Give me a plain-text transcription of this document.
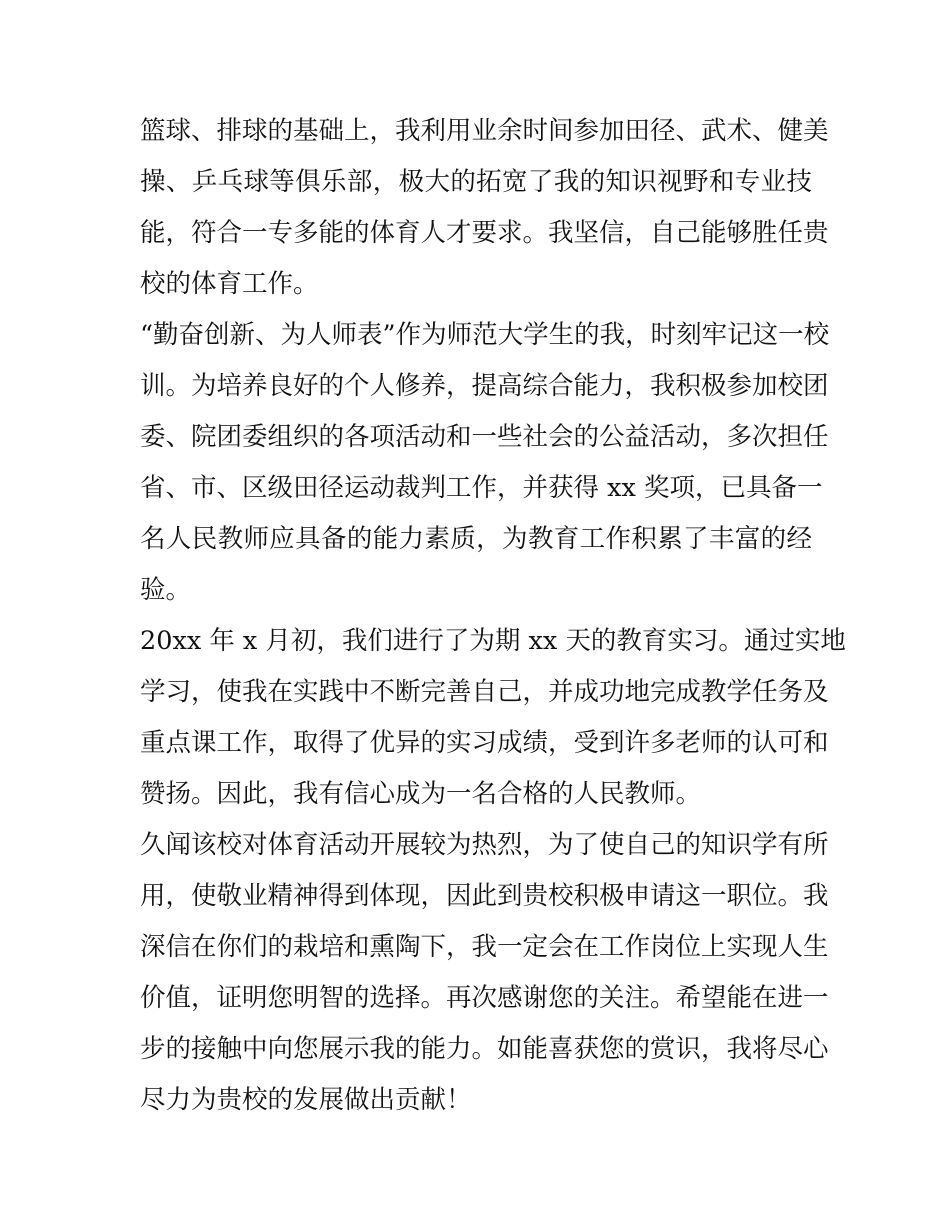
篮球、排球的基础上，我利用业余时间参加田径、武术、健美
操、乒乓球等俱乐部，极大的拓宽了我的知识视野和专业技
能，符合一专多能的体育人才要求。我坚信，自己能够胜任贵
校的体育工作。
“勤奋创新、为人师表”作为师范大学生的我，时刻牢记这一校
训。为培养良好的个人修养，提高综合能力，我积极参加校团
委、院团委组织的各项活动和一些社会的公益活动，多次担任
省、市、区级田径运动裁判工作，并获得 xx 奖项，已具备一
名人民教师应具备的能力素质，为教育工作积累了丰富的经
验。
20xx 年 x 月初，我们进行了为期 xx 天的教育实习。通过实地
学习，使我在实践中不断完善自己，并成功地完成教学任务及
重点课工作，取得了优异的实习成绩，受到许多老师的认可和
赞扬。因此，我有信心成为一名合格的人民教师。
久闻该校对体育活动开展较为热烈，为了使自己的知识学有所
用，使敬业精神得到体现，因此到贵校积极申请这一职位。我
深信在你们的栽培和熏陶下，我一定会在工作岗位上实现人生
价值，证明您明智的选择。再次感谢您的关注。希望能在进一
步的接触中向您展示我的能力。如能喜获您的赏识，我将尽心
尽力为贵校的发展做出贡献！
